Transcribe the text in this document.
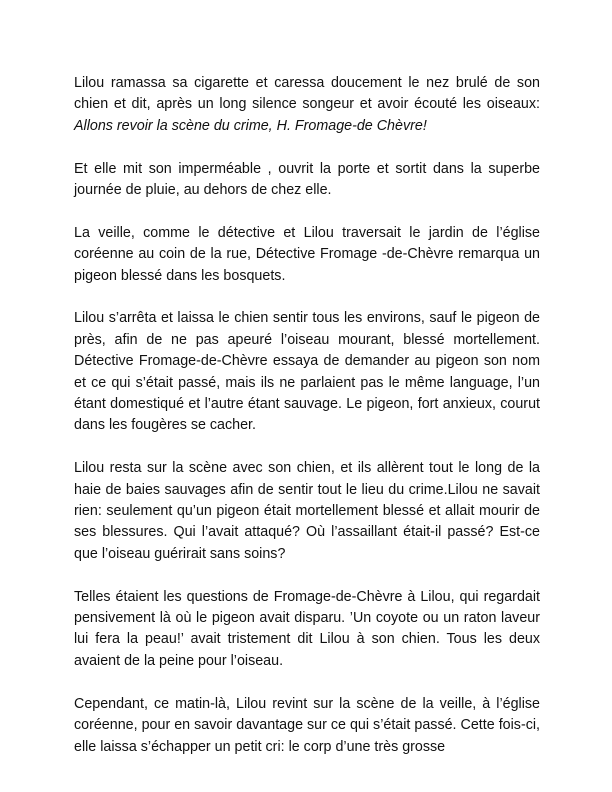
Lilou ramassa sa cigarette et caressa doucement le nez brulé de son chien et dit, après un long silence songeur et avoir écouté les oiseaux: Allons revoir la scène du crime, H. Fromage-de Chèvre!

Et elle mit son imperméable , ouvrit la porte et sortit dans la superbe journée de pluie, au dehors de chez elle.

La veille, comme le détective et Lilou traversait le jardin de l’église coréenne au coin de la rue, Détective Fromage -de-Chèvre remarqua un pigeon blessé dans les bosquets.

Lilou s’arrêta et laissa le chien sentir tous les environs, sauf le pigeon de près, afin de ne pas apeuré l’oiseau mourant, blessé mortellement. Détective Fromage-de-Chèvre essaya de demander au pigeon son nom et ce qui s’était passé, mais ils ne parlaient pas le même language, l’un étant domestiqué et l’autre étant sauvage. Le pigeon, fort anxieux, courut dans les fougères se cacher.

Lilou resta sur la scène avec son chien, et ils allèrent tout le long de la haie de baies sauvages afin de sentir tout le lieu du crime.Lilou ne savait rien: seulement qu’un pigeon était mortellement blessé et allait mourir de ses blessures. Qui l’avait attaqué? Où l’assaillant était-il passé? Est-ce que l’oiseau guérirait sans soins?

Telles étaient les questions de Fromage-de-Chèvre à Lilou, qui regardait pensivement là où le pigeon avait disparu. ’Un coyote ou un raton laveur lui fera la peau!’ avait tristement dit Lilou à son chien. Tous les deux avaient de la peine pour l’oiseau.

Cependant, ce matin-là, Lilou revint sur la scène de la veille, à l’église coréenne, pour en savoir davantage sur ce qui s’était passé. Cette fois-ci, elle laissa s’échapper un petit cri: le corp d’une très grosse
